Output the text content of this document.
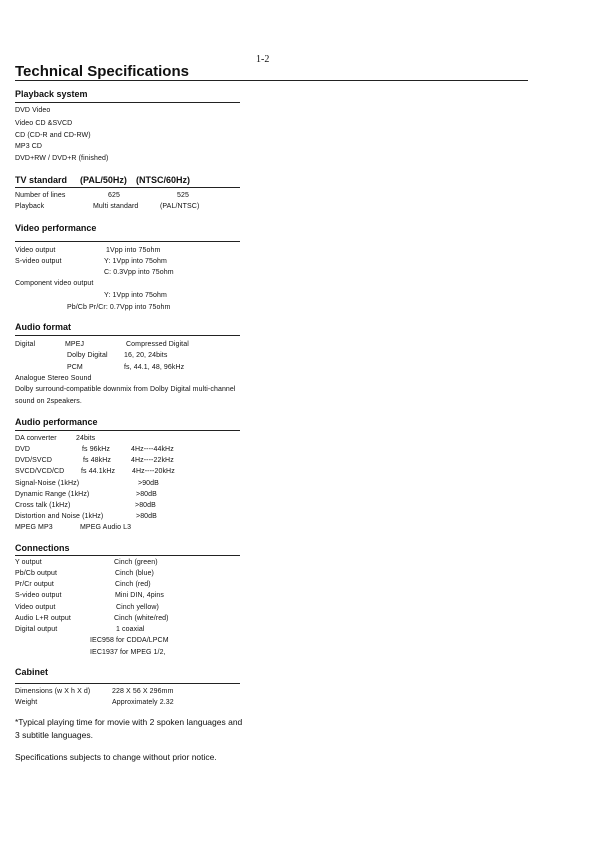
1-2
Technical Specifications
Playback system
DVD Video
Video CD &SVCD
CD (CD-R and CD-RW)
MP3 CD
DVD+RW / DVD+R (finished)
TV standard (PAL/50Hz) (NTSC/60Hz)
Number of lines	625	525
Playback	Multi standard	(PAL/NTSC)
Video performance
Video output	1Vpp into 75ohm
S-video output	Y: 1Vpp into 75ohm
C: 0.3Vpp into 75ohm
Component video output
Y: 1Vpp into 75ohm
Pb/Cb Pr/Cr: 0.7Vpp into 75ohm
Audio format
Digital	MPEJ	Compressed Digital
Dolby Digital 16, 20, 24bits
PCM	fs, 44.1, 48, 96kHz
Analogue Stereo Sound
Dolby surround-compatible downmix from Dolby Digital multi-channel
sound on 2speakers.
Audio performance
DA converter	24bits
DVD	fs 96kHz	4Hz----44kHz
DVD/SVCD	fs 48kHz	4Hz----22kHz
SVCD/VCD/CD fs 44.1kHz 4Hz----20kHz
Signal-Noise (1kHz)	>90dB
Dynamic Range (1kHz)	>80dB
Cross talk (1kHz)	>80dB
Distortion and Noise (1kHz)	>80dB
MPEG MP3	MPEG Audio L3
Connections
Y output	Cinch (green)
Pb/Cb output	Cinch (blue)
Pr/Cr output	Cinch (red)
S-video output	Mini DIN, 4pins
Video output	Cinch yellow)
Audio L+R output	Cinch (white/red)
Digital output	1 coaxial
IEC958 for CDDA/LPCM
IEC1937 for MPEG 1/2,
Cabinet
Dimensions (w X h X d)	228 X 56 X 296mm
Weight	Approximately 2.32
*Typical playing time for movie with 2 spoken languages and
3 subtitle languages.
Specifications subjects to change without prior notice.
